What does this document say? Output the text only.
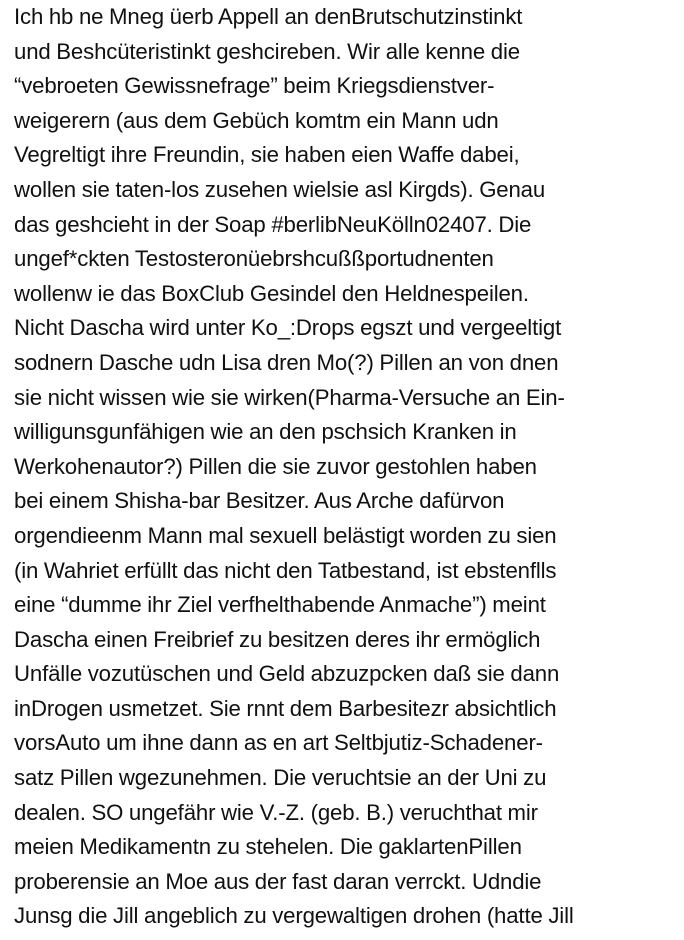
Ich hb ne Mneg üerb Appell an denBrutschutzinstinkt
und Beshcüteristinkt geshcireben. Wir alle kenne die
“vebroeten Gewissnefrage” beim Kriegsdienstver-
weigerern (aus dem Gebüch komtm ein Mann udn
Vegreltigt ihre Freundin, sie haben eien Waffe dabei,
wollen sie taten-los zusehen wielsie asl Kirgds). Genau
das geshcieht in der Soap #berlibNeuKölln02407. Die
ungef*ckten Testosteronüebrshcußßportudnenten
wollenw ie das BoxClub Gesindel den Heldnespeilen.
Nicht Dascha wird unter Ko_:Drops egszt und vergeeltigt
sodnern Dasche udn Lisa dren Mo(?) Pillen an von dnen
sie nicht wissen wie sie wirken(Pharma-Versuche an Ein-
willigunsgunfähigen wie an den pschsich Kranken in
Werkohenautor?) Pillen die sie zuvor gestohlen haben
bei einem Shisha-bar Besitzer. Aus Arche dafürvon
orgendieenm Mann mal sexuell belästigt worden zu sien
(in Wahriet erfüllt das nicht den Tatbestand, ist ebstenflls
eine “dumme ihr Ziel verfhelthabende Anmache”) meint
Dascha einen Freibrief zu besitzen deres ihr ermöglich
Unfälle vozutüschen und Geld abzuzpcken daß sie dann
inDrogen usmetzet. Sie rnnt dem Barbesitezr absichtlich
vorsAuto um ihne dann as en art Seltbjutiz-Schadener-
satz Pillen wgezunehmen. Die veruchtsie an der Uni zu
dealen. SO ungefähr wie V.-Z. (geb. B.) veruchthat mir
meien Medikamentn zu stehelen. Die gaklartenPillen
proberensie an Moe aus der fast daran verrckt. Udndie
Junsg die Jill angeblich zu vergewaltigen drohen (hatte Jill
